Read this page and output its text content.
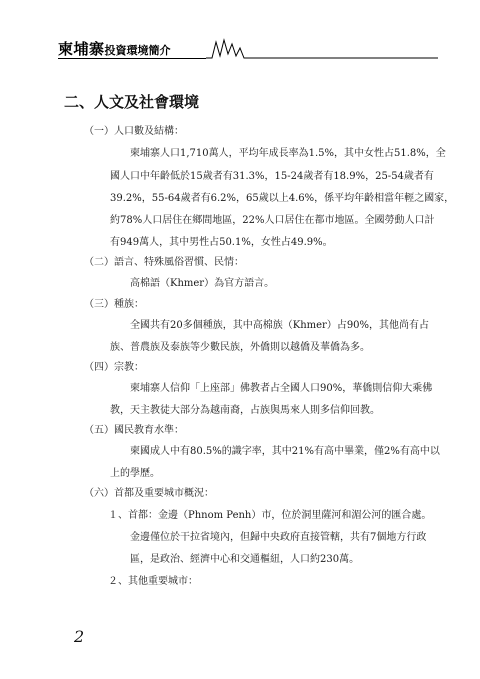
柬埔寨投資環境簡介
二、人文及社會環境
（一）人口數及結構：
柬埔寨人口1,710萬人，平均年成長率為1.5%，其中女性占51.8%，全
國人口中年齡低於15歲者有31.3%，15-24歲者有18.9%，25-54歲者有
39.2%，55-64歲者有6.2%，65歲以上4.6%，係平均年齡相當年輕之國家，
約78%人口居住在鄉間地區，22%人口居住在都市地區。全國勞動人口計
有949萬人，其中男性占50.1%，女性占49.9%。
（二）語言、特殊風俗習慣、民情：
高棉語（Khmer）為官方語言。
（三）種族：
全國共有20多個種族，其中高棉族（Khmer）占90%，其他尚有占
族、普農族及泰族等少數民族，外僑則以越僑及華僑為多。
（四）宗教：
柬埔寨人信仰「上座部」佛教者占全國人口90%，華僑則信仰大乘佛
教，天主教徒大部分為越南裔，占族與馬來人則多信仰回教。
（五）國民教育水準：
柬國成人中有80.5%的識字率，其中21%有高中畢業，僅2%有高中以
上的學歷。
（六）首都及重要城市概況：
１、首都：金邊（Phnom Penh）市，位於洞里薩河和湄公河的匯合處。
金邊僅位於干拉省境內，但歸中央政府直接管轄，共有7個地方行政
區，是政治、經濟中心和交通樞紐，人口約230萬。
２、其他重要城市：
2
